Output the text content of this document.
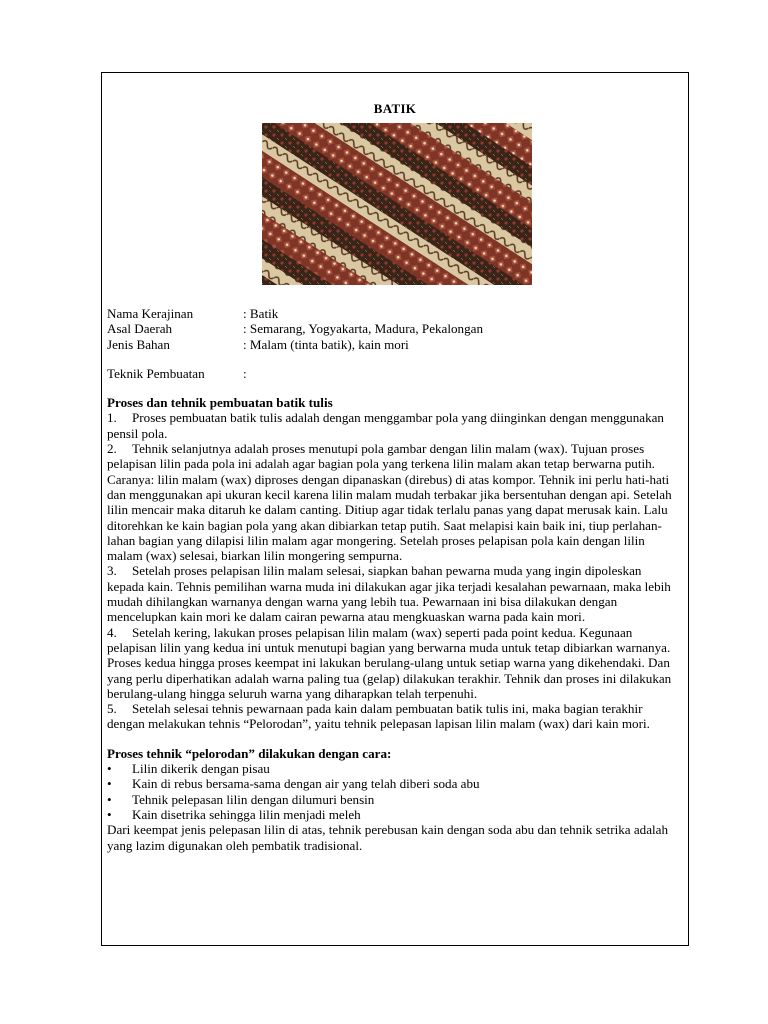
BATIK
Nama Kerajinan	: Batik
Asal Daerah	: Semarang, Yogyakarta, Madura, Pekalongan
Jenis Bahan	: Malam (tinta batik), kain mori
Teknik Pembuatan	:

Proses dan tehnik pembuatan batik tulis

1. Proses pembuatan batik tulis adalah dengan menggambar pola yang diinginkan dengan menggunakan pensil pola.

2. Tehnik selanjutnya adalah proses menutupi pola gambar dengan lilin malam (wax). Tujuan proses pelapisan lilin pada pola ini adalah agar bagian pola yang terkena lilin malam akan tetap berwarna putih. Caranya: lilin malam (wax) diproses dengan dipanaskan (direbus) di atas kompor. Tehnik ini perlu hati-hati dan menggunakan api ukuran kecil karena lilin malam mudah terbakar jika bersentuhan dengan api. Setelah lilin mencair maka ditaruh ke dalam canting. Ditiup agar tidak terlalu panas yang dapat merusak kain. Lalu ditorehkan ke kain bagian pola yang akan dibiarkan tetap putih. Saat melapisi kain baik ini, tiup perlahan-lahan bagian yang dilapisi lilin malam agar mongering. Setelah proses pelapisan pola kain dengan lilin malam (wax) selesai, biarkan lilin mongering sempurna.

3. Setelah proses pelapisan lilin malam selesai, siapkan bahan pewarna muda yang ingin dipoleskan kepada kain. Tehnis pemilihan warna muda ini dilakukan agar jika terjadi kesalahan pewarnaan, maka lebih mudah dihilangkan warnanya dengan warna yang lebih tua. Pewarnaan ini bisa dilakukan dengan mencelupkan kain mori ke dalam cairan pewarna atau mengkuaskan warna pada kain mori.

4. Setelah kering, lakukan proses pelapisan lilin malam (wax) seperti pada point kedua. Kegunaan pelapisan lilin yang kedua ini untuk menutupi bagian yang berwarna muda untuk tetap dibiarkan warnanya. Proses kedua hingga proses keempat ini lakukan berulang-ulang untuk setiap warna yang dikehendaki. Dan yang perlu diperhatikan adalah warna paling tua (gelap) dilakukan terakhir. Tehnik dan proses ini dilakukan berulang-ulang hingga seluruh warna yang diharapkan telah terpenuhi.

5. Setelah selesai tehnis pewarnaan pada kain dalam pembuatan batik tulis ini, maka bagian terakhir dengan melakukan tehnis “Pelorodan”, yaitu tehnik pelepasan lapisan lilin malam (wax) dari kain mori.

Proses tehnik “pelorodan” dilakukan dengan cara:

•	Lilin dikerik dengan pisau
•	Kain di rebus bersama-sama dengan air yang telah diberi soda abu
•	Tehnik pelepasan lilin dengan dilumuri bensin
•	Kain disetrika sehingga lilin menjadi meleh

Dari keempat jenis pelepasan lilin di atas, tehnik perebusan kain dengan soda abu dan tehnik setrika adalah yang lazim digunakan oleh pembatik tradisional.
